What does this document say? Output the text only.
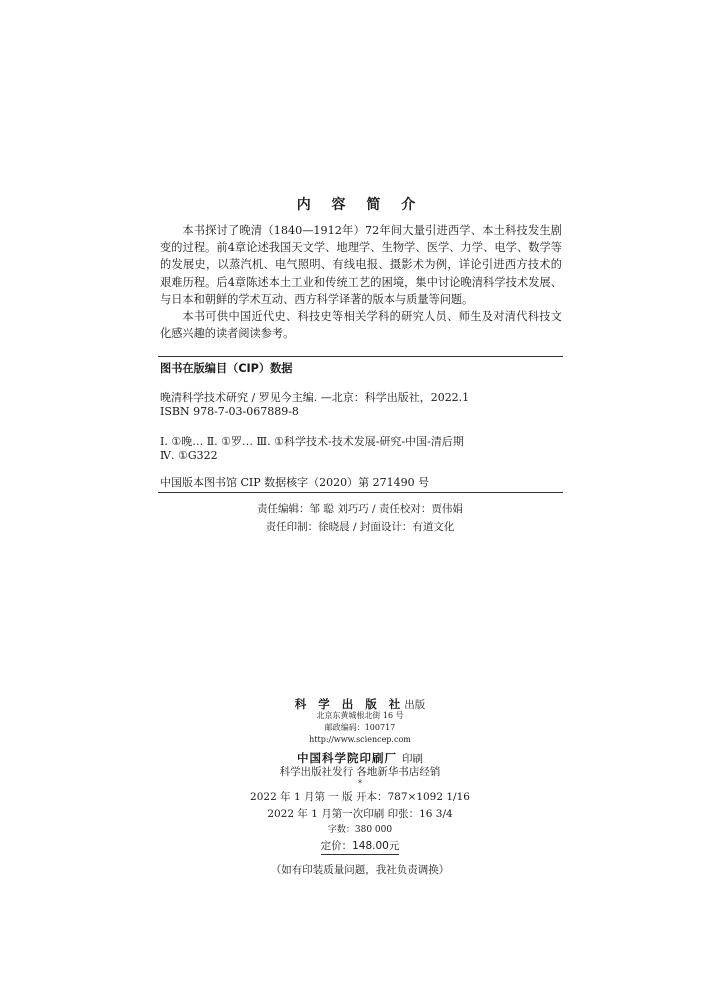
内 容 简 介

本书探讨了晚清（1840—1912年）72年间大量引进西学、本土科技发生剧变的过程。前4章论述我国天文学、地理学、生物学、医学、力学、电学、数学等的发展史，以蒸汽机、电气照明、有线电报、摄影术为例，详论引进西方技术的艰难历程。后4章陈述本土工业和传统工艺的困境，集中讨论晚清科学技术发展、与日本和朝鲜的学术互动、西方科学译著的版本与质量等问题。

本书可供中国近代史、科技史等相关学科的研究人员、师生及对清代科技文化感兴趣的读者阅读参考。

图书在版编目（CIP）数据
晚清科学技术研究 / 罗见今主编. —北京：科学出版社，2022.1
ISBN 978-7-03-067889-8
Ⅰ. ①晚… Ⅱ. ①罗… Ⅲ. ①科学技术-技术发展-研究-中国-清后期
Ⅳ. ①G322
中国版本图书馆 CIP 数据核字（2020）第 271490 号
责任编辑：邹 聪 刘巧巧 / 责任校对：贾伟娟
责任印制：徐晓晨 / 封面设计：有道文化
科 学 出 版 社出版
北京东黄城根北街 16 号
邮政编码：100717
http://www.sciencep.com
中国科学院印刷厂 印刷
科学出版社发行 各地新华书店经销
*
2022 年 1 月第 一 版 开本：787×1092 1/16
2022 年 1 月第一次印刷 印张：16 3/4
字数：380 000
定价：148.00元
（如有印装质量问题，我社负责调换）
